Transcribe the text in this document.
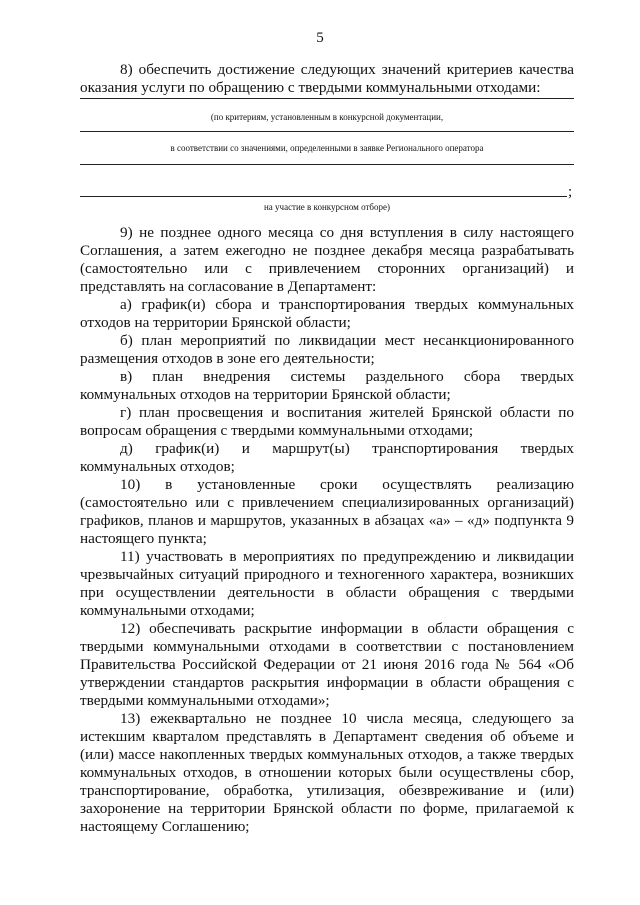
5

8) обеспечить достижение следующих значений критериев качества оказания услуги по обращению с твердыми коммунальными отходами:

(по критериям, установленным в конкурсной документации,
в соответствии со значениями, определенными в заявке Регионального оператора
;
на участие в конкурсном отборе)

9) не позднее одного месяца со дня вступления в силу настоящего Соглашения, а затем ежегодно не позднее декабря месяца разрабатывать (самостоятельно или с привлечением сторонних организаций) и представлять на согласование в Департамент:

а) график(и) сбора и транспортирования твердых коммунальных отходов на территории Брянской области;

б) план мероприятий по ликвидации мест несанкционированного размещения отходов в зоне его деятельности;

в) план внедрения системы раздельного сбора твердых коммунальных отходов на территории Брянской области;

г) план просвещения и воспитания жителей Брянской области по вопросам обращения с твердыми коммунальными отходами;

д) график(и) и маршрут(ы) транспортирования твердых коммунальных отходов;

10) в установленные сроки осуществлять реализацию (самостоятельно или с привлечением специализированных организаций) графиков, планов и маршрутов, указанных в абзацах «а» – «д» подпункта 9 настоящего пункта;

11) участвовать в мероприятиях по предупреждению и ликвидации чрезвычайных ситуаций природного и техногенного характера, возникших при осуществлении деятельности в области обращения с твердыми коммунальными отходами;

12) обеспечивать раскрытие информации в области обращения с твердыми коммунальными отходами в соответствии с постановлением Правительства Российской Федерации от 21 июня 2016 года № 564 «Об утверждении стандартов раскрытия информации в области обращения с твердыми коммунальными отходами»;

13) ежеквартально не позднее 10 числа месяца, следующего за истекшим кварталом представлять в Департамент сведения об объеме и (или) массе накопленных твердых коммунальных отходов, а также твердых коммунальных отходов, в отношении которых были осуществлены сбор, транспортирование, обработка, утилизация, обезвреживание и (или) захоронение на территории Брянской области по форме, прилагаемой к настоящему Соглашению;
